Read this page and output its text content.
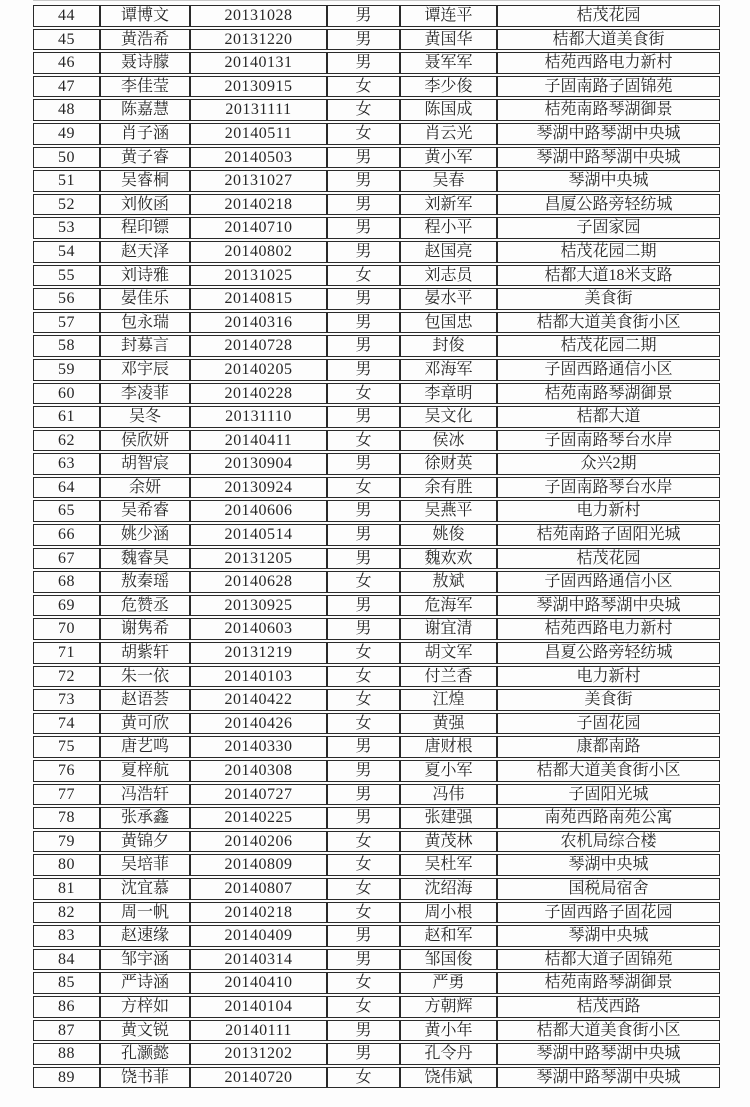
44	谭博文	20131028	男	谭连平	桔茂花园
45	黄浩希	20131220	男	黄国华	桔都大道美食街
46	聂诗朦	20140131	男	聂军军	桔苑西路电力新村
47	李佳莹	20130915	女	李少俊	子固南路子固锦苑
48	陈嘉慧	20131111	女	陈国成	桔苑南路琴湖御景
49	肖子涵	20140511	女	肖云光	琴湖中路琴湖中央城
50	黄子睿	20140503	男	黄小军	琴湖中路琴湖中央城
51	吴睿桐	20131027	男	吴春	琴湖中央城
52	刘攸函	20140218	男	刘新军	昌厦公路旁轻纺城
53	程印镖	20140710	男	程小平	子固家园
54	赵天泽	20140802	男	赵国亮	桔茂花园二期
55	刘诗雅	20131025	女	刘志员	桔都大道18米支路
56	晏佳乐	20140815	男	晏水平	美食街
57	包永瑞	20140316	男	包国忠	桔都大道美食街小区
58	封募言	20140728	男	封俊	桔茂花园二期
59	邓宇辰	20140205	男	邓海军	子固西路通信小区
60	李凌菲	20140228	女	李章明	桔苑南路琴湖御景
61	吴冬	20131110	男	吴文化	桔都大道
62	侯欣妍	20140411	女	侯冰	子固南路琴台水岸
63	胡智宸	20130904	男	徐财英	众兴2期
64	余妍	20130924	女	余有胜	子固南路琴台水岸
65	吴希睿	20140606	男	吴燕平	电力新村
66	姚少涵	20140514	男	姚俊	桔苑南路子固阳光城
67	魏睿昊	20131205	男	魏欢欢	桔茂花园
68	敖秦瑶	20140628	女	敖斌	子固西路通信小区
69	危赞丞	20130925	男	危海军	琴湖中路琴湖中央城
70	谢隽希	20140603	男	谢宜清	桔苑西路电力新村
71	胡紫轩	20131219	女	胡文军	昌夏公路旁轻纺城
72	朱一依	20140103	女	付兰香	电力新村
73	赵语荟	20140422	女	江煌	美食街
74	黄可欣	20140426	女	黄强	子固花园
75	唐艺鸣	20140330	男	唐财根	康都南路
76	夏梓航	20140308	男	夏小军	桔都大道美食街小区
77	冯浩轩	20140727	男	冯伟	子固阳光城
78	张承鑫	20140225	男	张建强	南苑西路南苑公寓
79	黄锦夕	20140206	女	黄茂林	农机局综合楼
80	吴培菲	20140809	女	吴杜军	琴湖中央城
81	沈宜慕	20140807	女	沈绍海	国税局宿舍
82	周一帆	20140218	女	周小根	子固西路子固花园
83	赵速缘	20140409	男	赵和军	琴湖中央城
84	邹宇涵	20140314	男	邹国俊	桔都大道子固锦苑
85	严诗涵	20140410	女	严勇	桔苑南路琴湖御景
86	方梓如	20140104	女	方朝辉	桔茂西路
87	黄文锐	20140111	男	黄小年	桔都大道美食街小区
88	孔灏懿	20131202	男	孔令丹	琴湖中路琴湖中央城
89	饶书菲	20140720	女	饶伟斌	琴湖中路琴湖中央城
